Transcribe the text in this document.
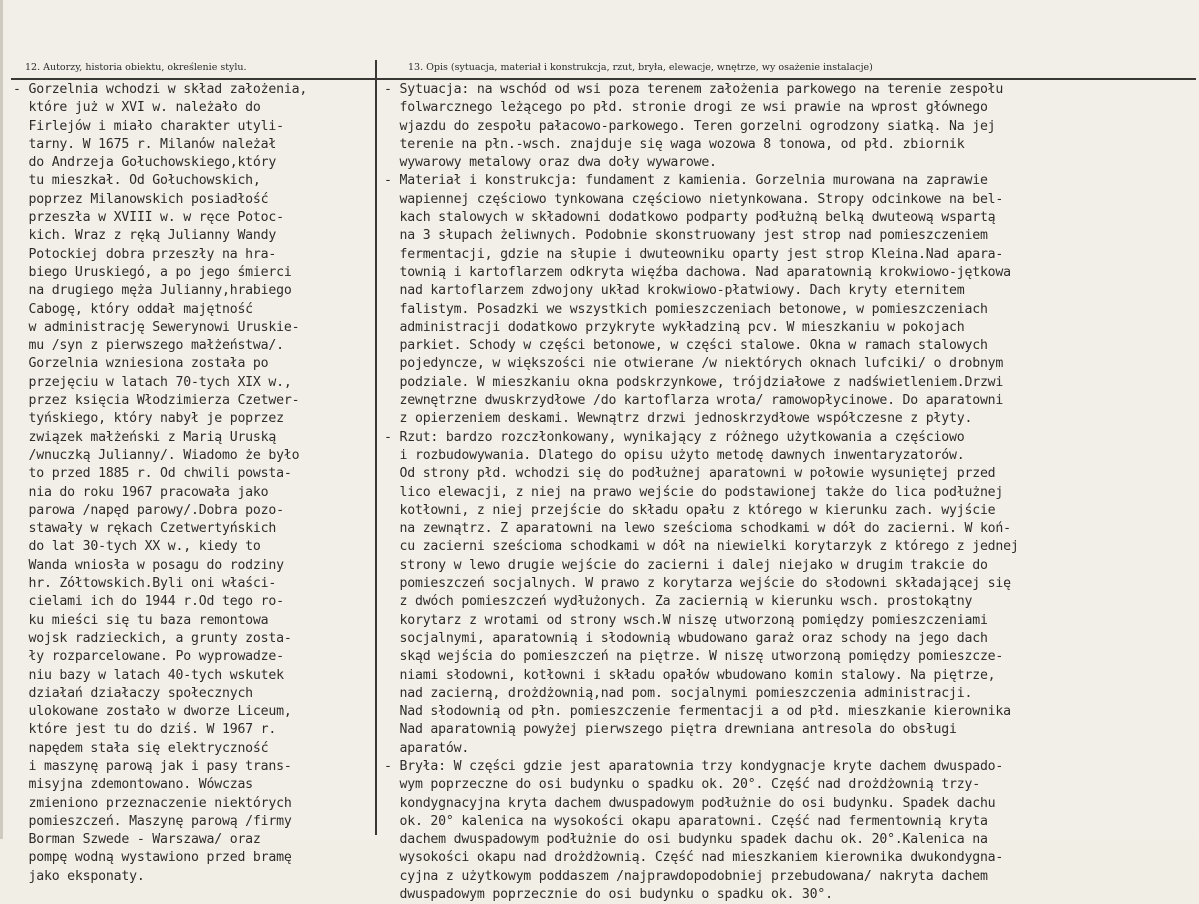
12. Autorzy, historia obiektu, określenie stylu.	13. Opis (sytuacja, materiał i konstrukcja, rzut, bryła, elewacje, wnętrze, wy osażenie instalacje)
- Gorzelnia wchodzi w skład założenia,
które już w XVI w. należało do
Firlejów i miało charakter utyli-
tarny. W 1675 r. Milanów należał
do Andrzeja Gołuchowskiego,który
tu mieszkał. Od Gołuchowskich,
poprzez Milanowskich posiadłość
przeszła w XVIII w. w ręce Potoc-
kich. Wraz z ręką Julianny Wandy
Potockiej dobra przeszły na hra-
biego Uruskiegó, a po jego śmierci
na drugiego męża Julianny,hrabiego
Cabogę, który oddał majętność
w administrację Sewerynowi Uruskie-
mu /syn z pierwszego małżeństwa/.
Gorzelnia wzniesiona została po
przejęciu w latach 70-tych XIX w.,
przez księcia Włodzimierza Czetwer-
tyńskiego, który nabył je poprzez
związek małżeński z Marią Uruską
/wnuczką Julianny/. Wiadomo że było
to przed 1885 r. Od chwili powsta-
nia do roku 1967 pracowała jako
parowa /napęd parowy/.Dobra pozo-
stawały w rękach Czetwertyńskich
do lat 30-tych XX w., kiedy to
Wanda wniosła w posagu do rodziny
hr. Zółtowskich.Byli oni właści-
cielami ich do 1944 r.Od tego ro-
ku mieści się tu baza remontowa
wojsk radzieckich, a grunty zosta-
ły rozparcelowane. Po wyprowadze-
niu bazy w latach 40-tych wskutek
działań działaczy społecznych
ulokowane zostało w dworze Liceum,
które jest tu do dziś. W 1967 r.
napędem stała się elektryczność
i maszynę parową jak i pasy trans-
misyjna zdemontowano. Wówczas
zmieniono przeznaczenie niektórych
pomieszczeń. Maszynę parową /firmy
Borman Szwede - Warszawa/ oraz
pompę wodną wystawiono przed bramę
jako eksponaty.
- Sytuacja: na wschód od wsi poza terenem założenia parkowego na terenie zespołu
folwarcznego leżącego po płd. stronie drogi ze wsi prawie na wprost głównego
wjazdu do zespołu pałacowo-parkowego. Teren gorzelni ogrodzony siatką. Na jej
terenie na płn.-wsch. znajduje się waga wozowa 8 tonowa, od płd. zbiornik
wywarowy metalowy oraz dwa doły wywarowe.
- Materiał i konstrukcja: fundament z kamienia. Gorzelnia murowana na zaprawie
wapiennej częściowo tynkowana częściowo nietynkowana. Stropy odcinkowe na bel-
kach stalowych w składowni dodatkowo podparty podłużną belką dwuteową wspartą
na 3 słupach żeliwnych. Podobnie skonstruowany jest strop nad pomieszczeniem
fermentacji, gdzie na słupie i dwuteowniku oparty jest strop Kleina.Nad apara-
townią i kartoflarzem odkryta więźba dachowa. Nad aparatownią krokwiowo-jętkowa
nad kartoflarzem zdwojony układ krokwiowo-płatwiowy. Dach kryty eternitem
falistym. Posadzki we wszystkich pomieszczeniach betonowe, w pomieszczeniach
administracji dodatkowo przykryte wykładziną pcv. W mieszkaniu w pokojach
parkiet. Schody w części betonowe, w części stalowe. Okna w ramach stalowych
pojedyncze, w większości nie otwierane /w niektórych oknach lufciki/ o drobnym
podziale. W mieszkaniu okna podskrzynkowe, trójdziałowe z nadświetleniem.Drzwi
zewnętrzne dwuskrzydłowe /do kartoflarza wrota/ ramowopłycinowe. Do aparatowni
z opierzeniem deskami. Wewnątrz drzwi jednoskrzydłowe współczesne z płyty.
- Rzut: bardzo rozczłonkowany, wynikający z różnego użytkowania a częściowo
i rozbudowywania. Dlatego do opisu użyto metodę dawnych inwentaryzatorów.
Od strony płd. wchodzi się do podłużnej aparatowni w połowie wysuniętej przed
lico elewacji, z niej na prawo wejście do podstawionej także do lica podłużnej
kotłowni, z niej przejście do składu opału z którego w kierunku zach. wyjście
na zewnątrz. Z aparatowni na lewo sześcioma schodkami w dół do zacierni. W koń-
cu zacierni sześcioma schodkami w dół na niewielki korytarzyk z którego z jednej
strony w lewo drugie wejście do zacierni i dalej niejako w drugim trakcie do
pomieszczeń socjalnych. W prawo z korytarza wejście do słodowni składającej się
z dwóch pomieszczeń wydłużonych. Za zaciernią w kierunku wsch. prostokątny
korytarz z wrotami od strony wsch.W niszę utworzoną pomiędzy pomieszczeniami
socjalnymi, aparatownią i słodownią wbudowano garaż oraz schody na jego dach
skąd wejścia do pomieszczeń na piętrze. W niszę utworzoną pomiędzy pomieszcze-
niami słodowni, kotłowni i składu opałów wbudowano komin stalowy. Na piętrze,
nad zacierną, drożdżownią,nad pom. socjalnymi pomieszczenia administracji.
Nad słodownią od płn. pomieszczenie fermentacji a od płd. mieszkanie kierownika
Nad aparatownią powyżej pierwszego piętra drewniana antresola do obsługi
aparatów.
- Bryła: W części gdzie jest aparatownia trzy kondygnacje kryte dachem dwuspado-
wym poprzeczne do osi budynku o spadku ok. 20°. Część nad drożdżownią trzy-
kondygnacyjna kryta dachem dwuspadowym podłużnie do osi budynku. Spadek dachu
ok. 20° kalenica na wysokości okapu aparatowni. Część nad fermentownią kryta
dachem dwuspadowym podłużnie do osi budynku spadek dachu ok. 20°.Kalenica na
wysokości okapu nad drożdżownią. Część nad mieszkaniem kierownika dwukondygna-
cyjna z użytkowym poddaszem /najprawdopodobniej przebudowana/ nakryta dachem
dwuspadowym poprzecznie do osi budynku o spadku ok. 30°.
